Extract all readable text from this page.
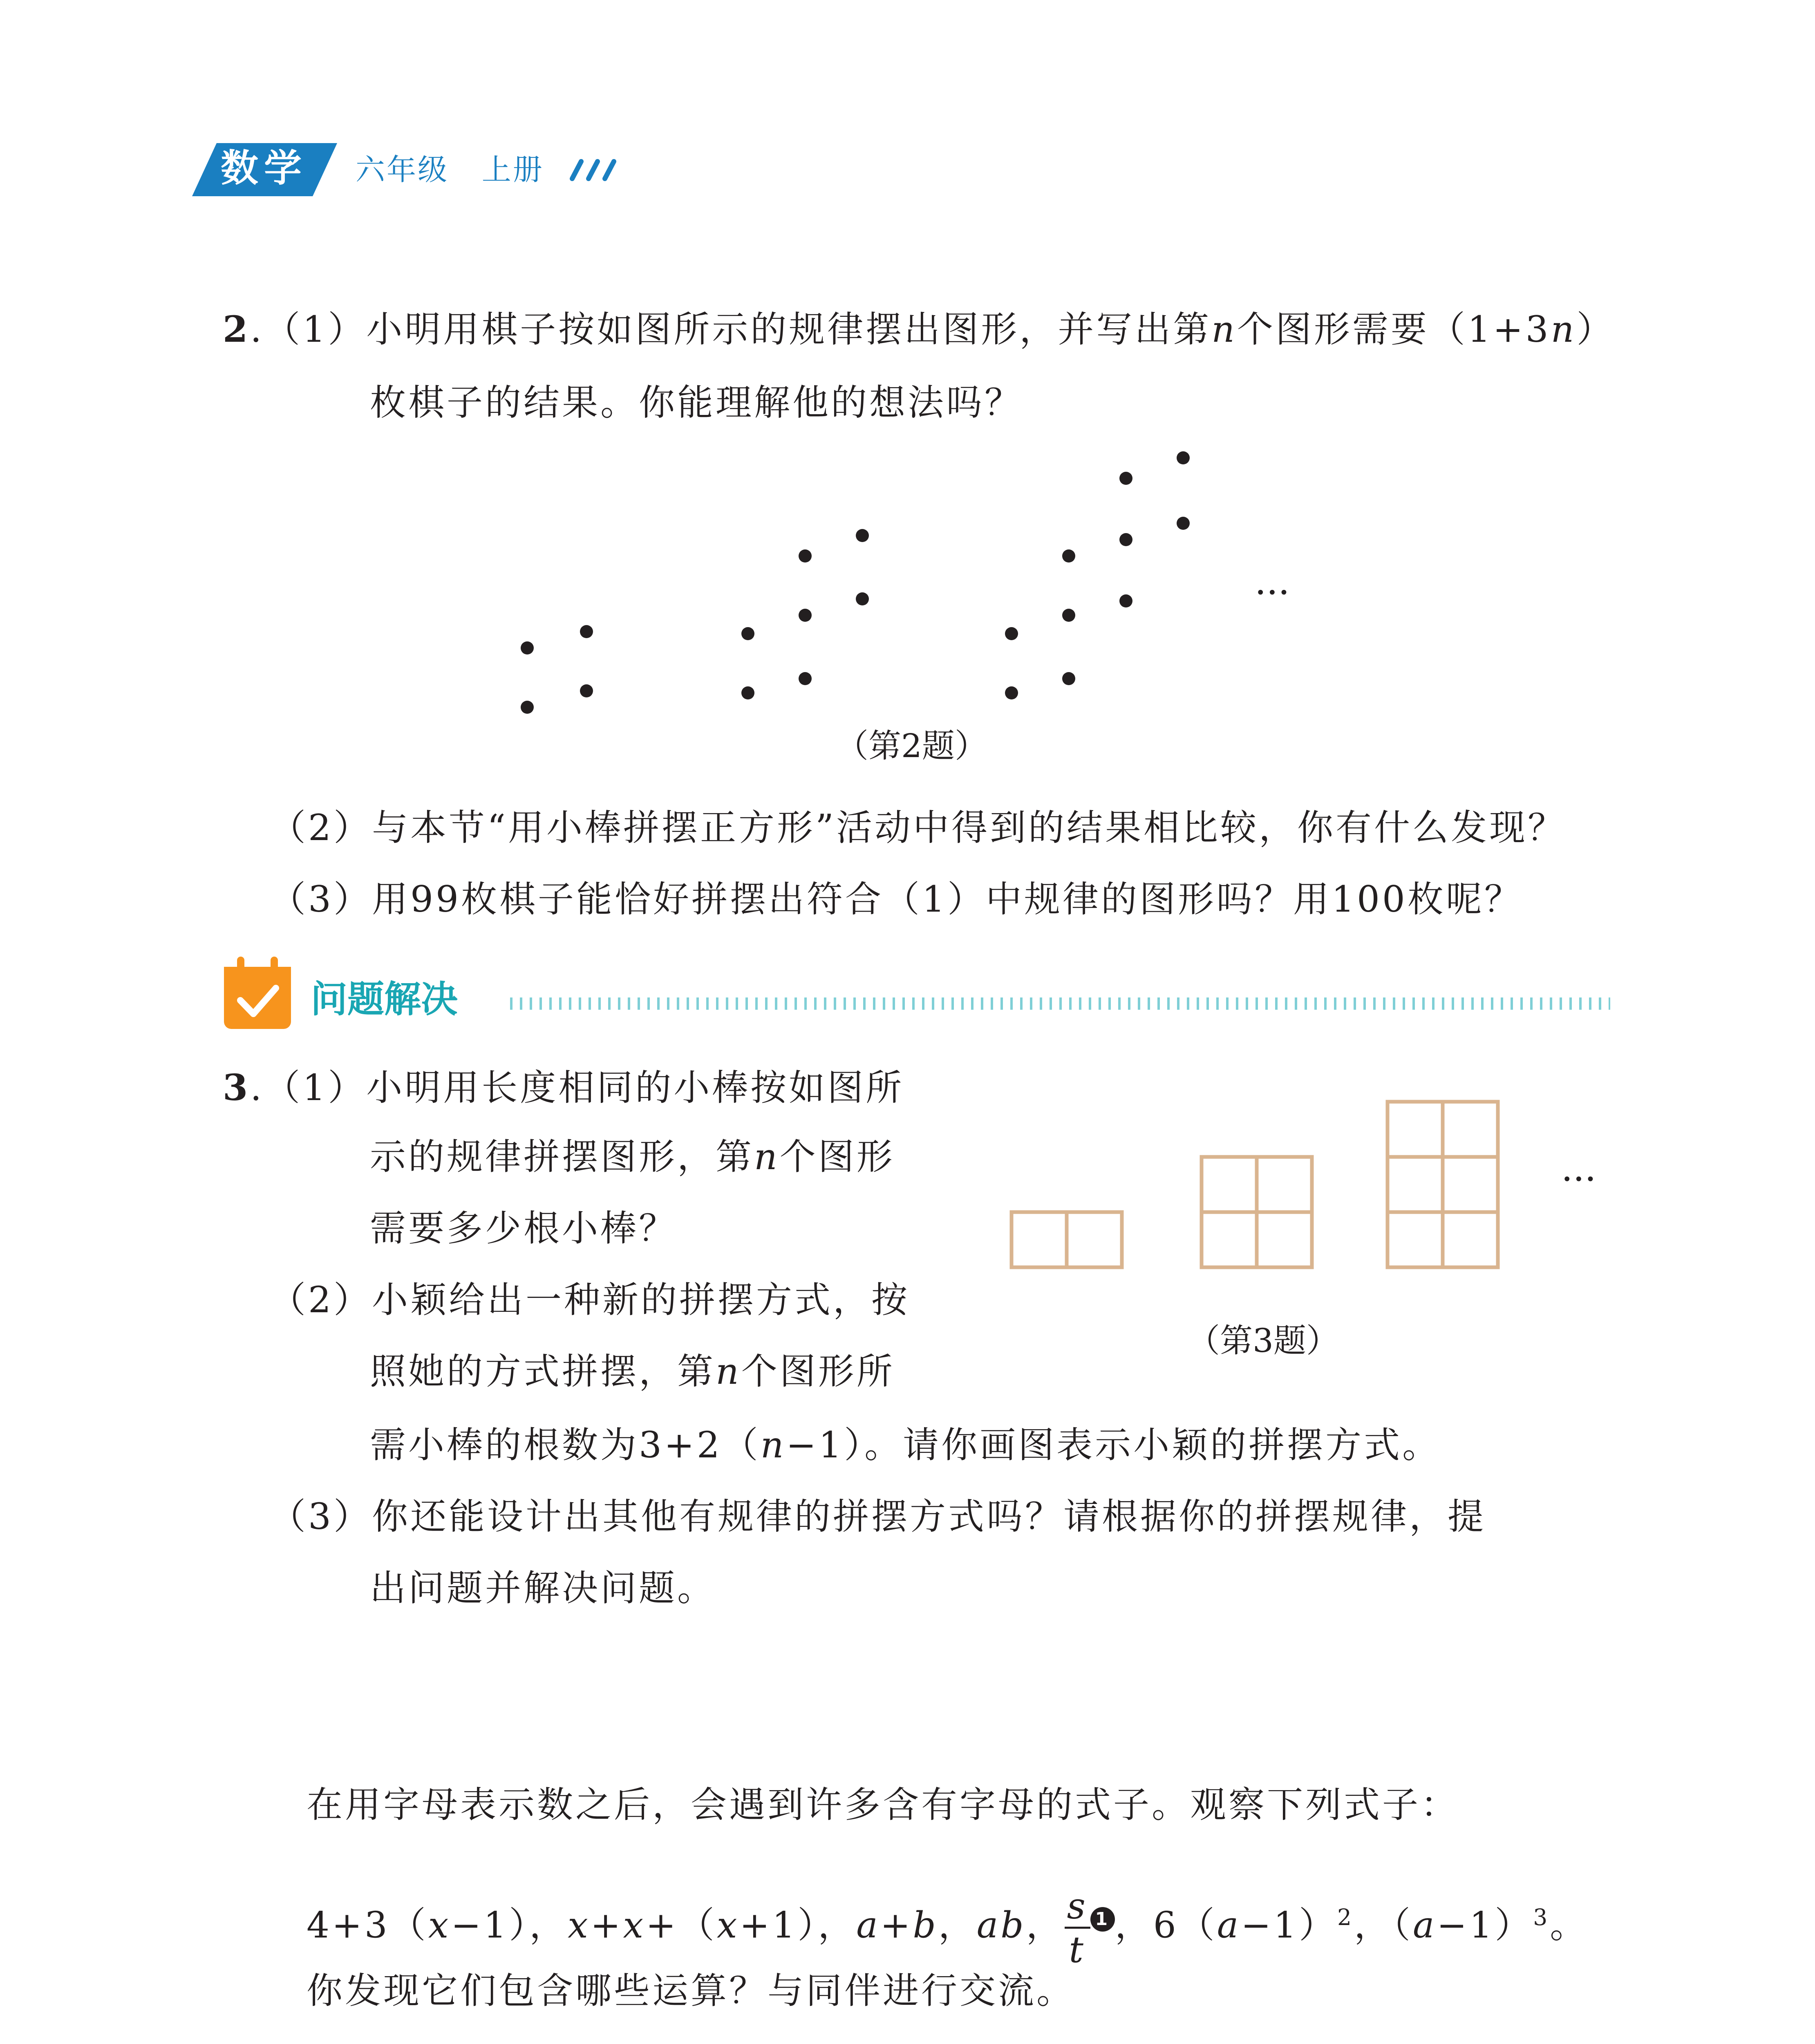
数学 六年级 上册
2.（1）小明用棋子按如图所示的规律摆出图形，并写出第n个图形需要（1+3n）
枚棋子的结果。你能理解他的想法吗？
···
（第2题）
（2）与本节“用小棒拼摆正方形”活动中得到的结果相比较，你有什么发现？
（3）用99枚棋子能恰好拼摆出符合（1）中规律的图形吗？用100枚呢？
问题解决
3.（1）小明用长度相同的小棒按如图所
示的规律拼摆图形，第n个图形
需要多少根小棒？
（2）小颖给出一种新的拼摆方式，按
照她的方式拼摆，第n个图形所
需小棒的根数为3+2（n−1）。请你画图表示小颖的拼摆方式。
（3）你还能设计出其他有规律的拼摆方式吗？请根据你的拼摆规律，提
出问题并解决问题。
···
（第3题）
在用字母表示数之后，会遇到许多含有字母的式子。观察下列式子：
4+3（x−1），x+x+（x+1），a+b，ab， $\frac{s}{t} 1$ ，$6(a-1)^2$，$(a-1)^3$。
你发现它们包含哪些运算？与同伴进行交流。
